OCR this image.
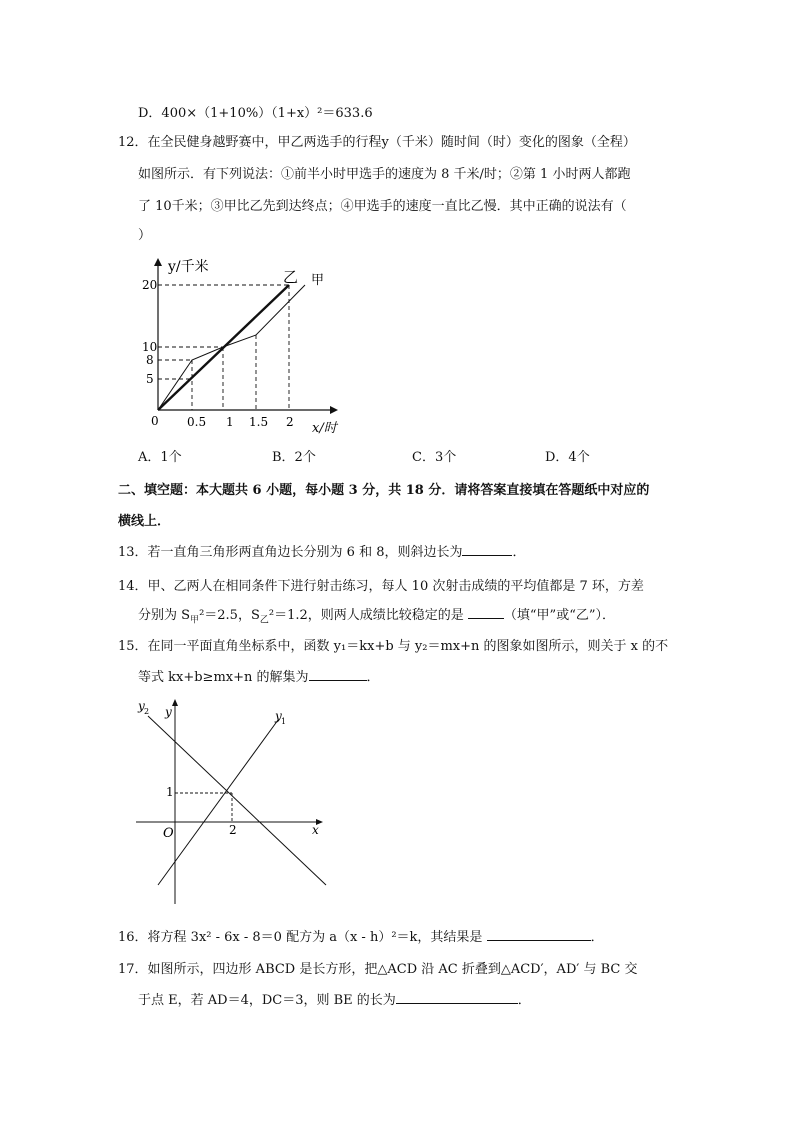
D．400×（1+10%）（1+x）²＝633.6
12．在全民健身越野赛中，甲乙两选手的行程y（千米）随时间（时）变化的图象（全程）
如图所示．有下列说法：①前半小时甲选手的速度为 8 千米/时；②第 1 小时两人都跑
了 10千米；③甲比乙先到达终点；④甲选手的速度一直比乙慢．其中正确的说法有（
）
y/千米
乙 甲
20
10
8
5
0 0.5 1 1.5 2 x/时
A．1个	B．2个	C．3个	D．4个
二、填空题：本大题共 6 小题，每小题 3 分，共 18 分．请将答案直接填在答题纸中对应的
横线上．
13．若一直角三角形两直角边长分别为 6 和 8，则斜边长为	．
14．甲、乙两人在相同条件下进行射击练习，每人 10 次射击成绩的平均值都是 7 环，方差
分别为 $S_甲^2=2.5$，$S_乙^2=1.2$，则两人成绩比较稳定的是	（填“甲”或“乙”）．
15．在同一平面直角坐标系中，函数 y₁＝kx+b 与 y₂＝mx+n 的图象如图所示，则关于 x 的不
等式 kx+b≥mx+n 的解集为	．
y 2 y	y 1
1
O	2	x
16．将方程 3x² - 6x - 8＝0 配方为 a（x - h）²＝k，其结果是	．
17．如图所示，四边形 ABCD 是长方形，把△ACD 沿 AC 折叠到△ACD′，AD′ 与 BC 交
于点 E，若 AD＝4，DC＝3，则 BE 的长为	．
